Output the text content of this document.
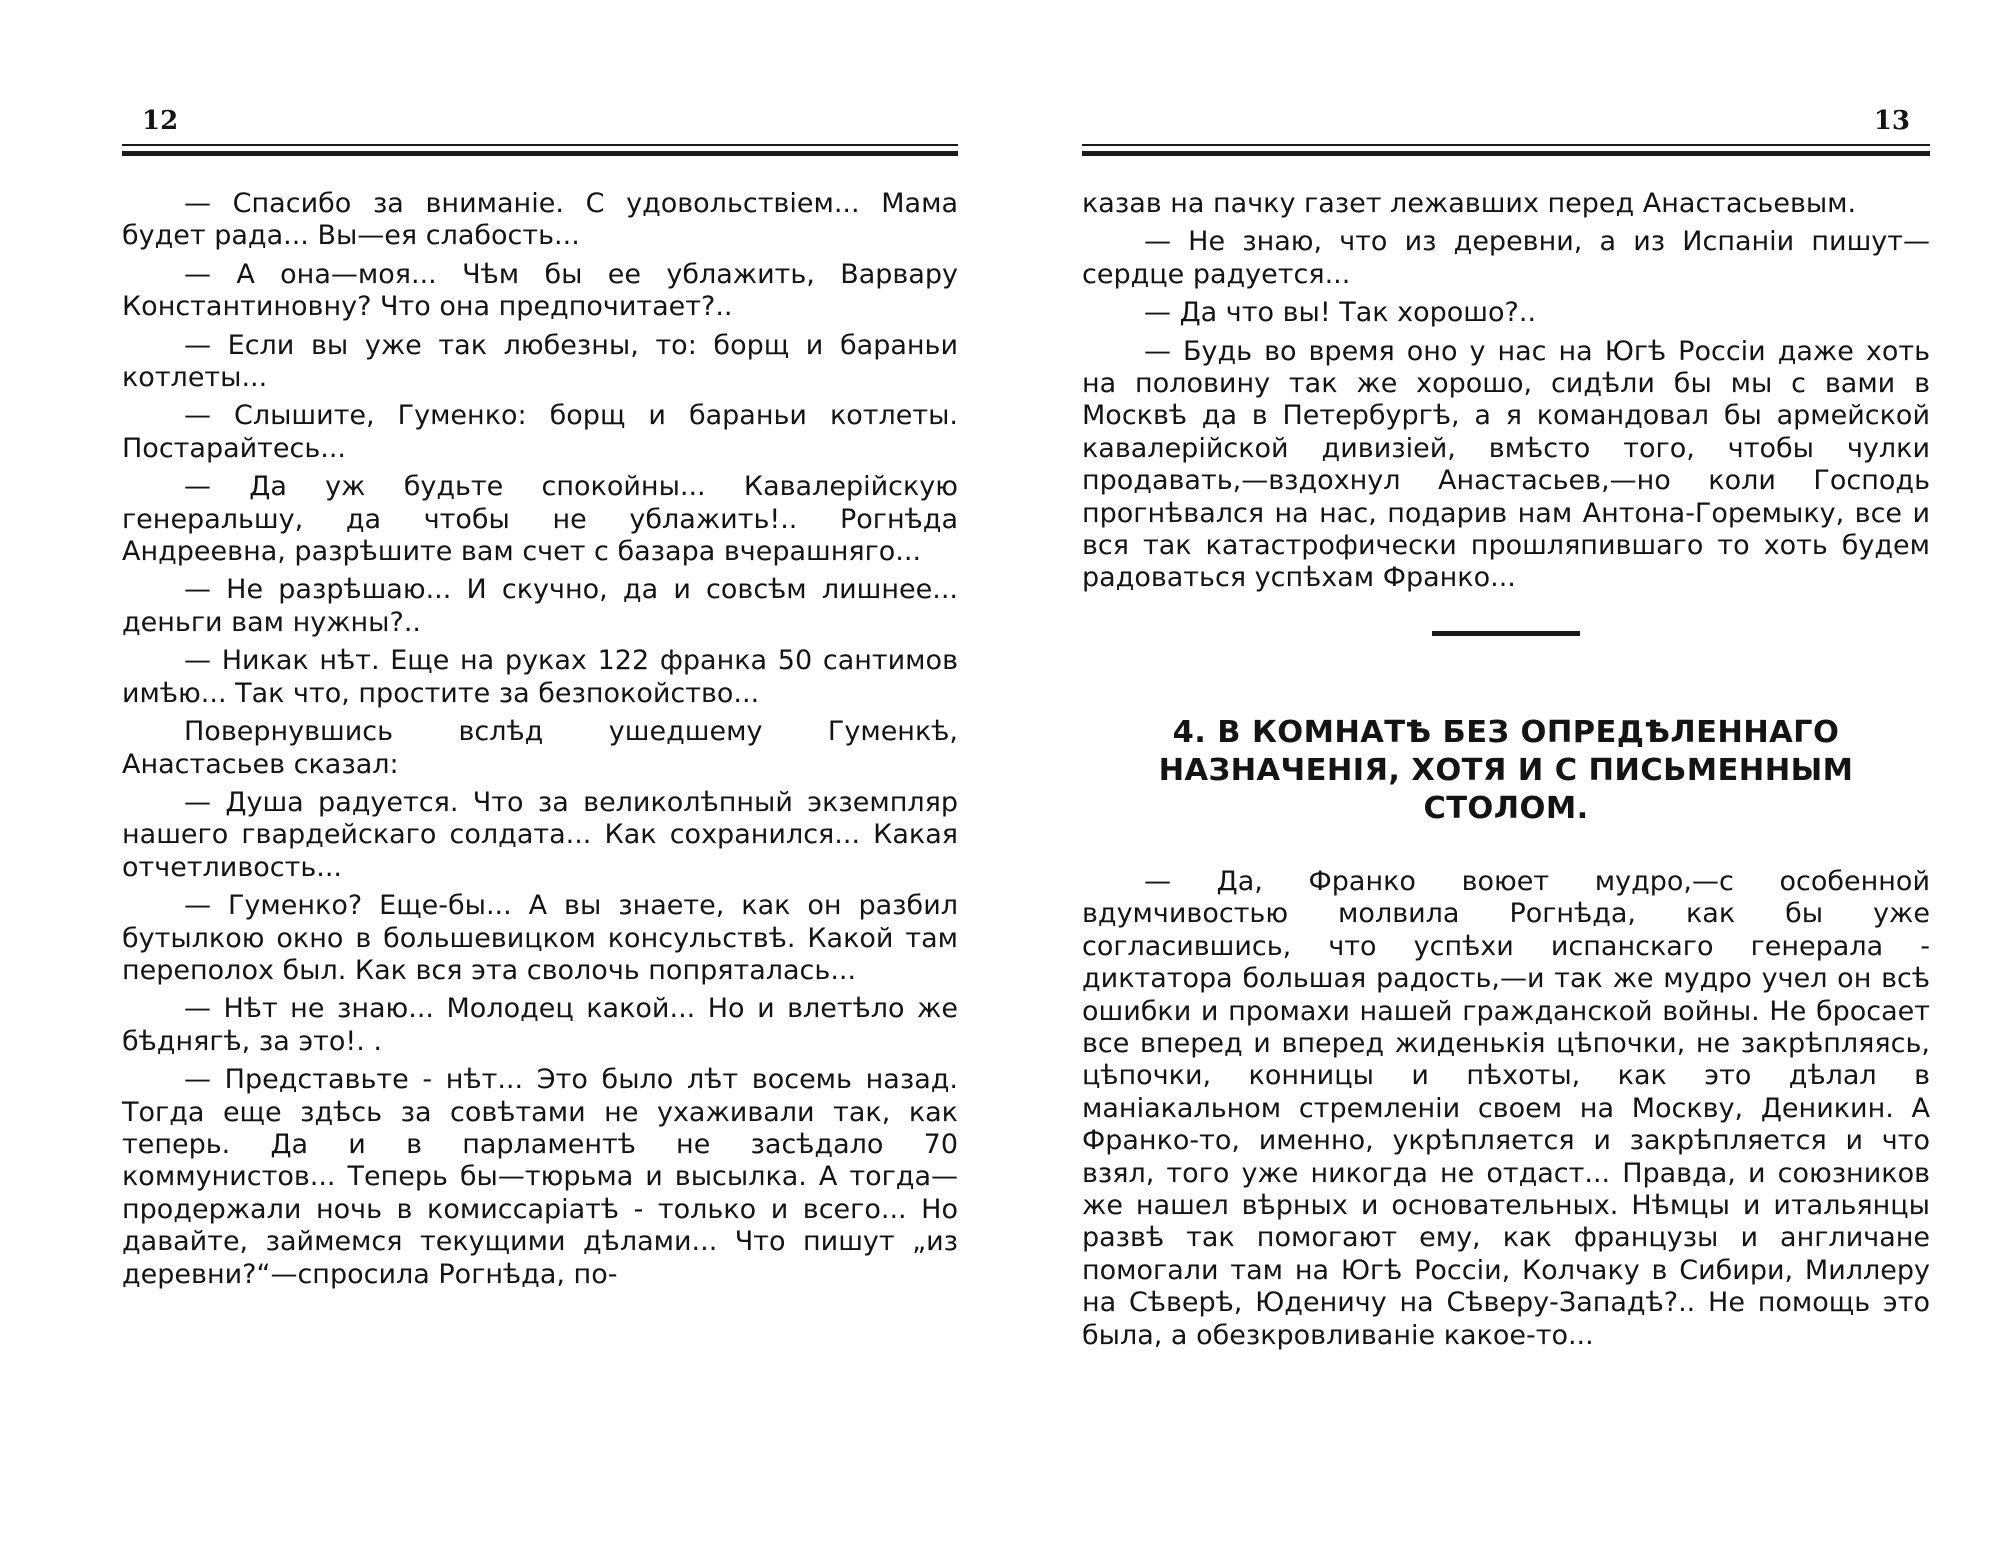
12

— Спасибо за вниманіе. С удовольствіем... Мама будет рада... Вы—ея слабость...

— А она—моя... Чѣм бы ее ублажить, Варвару Константиновну? Что она предпочитает?..

— Если вы уже так любезны, то: борщ и бараньи котлеты...

— Слышите, Гуменко: борщ и бараньи котлеты. Постарайтесь...

— Да уж будьте спокойны... Кавалерійскую генеральшу, да чтобы не ублажить!.. Рогнѣда Андреевна, разрѣшите вам счет с базара вчерашняго...

— Не разрѣшаю... И скучно, да и совсѣм лишнее... деньги вам нужны?..

— Никак нѣт. Еще на руках 122 франка 50 сантимов имѣю... Так что, простите за безпокойство...

Повернувшись вслѣд ушедшему Гуменкѣ, Анастасьев сказал:

— Душа радуется. Что за великолѣпный экземпляр нашего гвардейскаго солдата... Как сохранился... Какая отчетливость...

— Гуменко? Еще-бы... А вы знаете, как он разбил бутылкою окно в большевицком консульствѣ. Какой там переполох был. Как вся эта сволочь попряталась...

— Нѣт не знаю... Молодец какой... Но и влетѣло же бѣднягѣ, за это!. .

— Представьте - нѣт... Это было лѣт восемь назад. Тогда еще здѣсь за совѣтами не ухаживали так, как теперь. Да и в парламентѣ не засѣдало 70 коммунистов... Теперь бы—тюрьма и высылка. А тогда—продержали ночь в комиссаріатѣ - только и всего... Но давайте, займемся текущими дѣлами... Что пишут „из деревни?“—спросила Рогнѣда, по-

13

казав на пачку газет лежавших перед Анастасьевым.

— Не знаю, что из деревни, а из Испаніи пишут—сердце радуется...

— Да что вы! Так хорошо?..

— Будь во время оно у нас на Югѣ Россіи даже хоть на половину так же хорошо, сидѣли бы мы с вами в Москвѣ да в Петербургѣ, а я командовал бы армейской кавалерійской дивизіей, вмѣсто того, чтобы чулки продавать,—вздохнул Анастасьев,—но коли Господь прогнѣвался на нас, подарив нам Антона-Горемыку, все и вся так катастрофически прошляпившаго то хоть будем радоваться успѣхам Франко...

4. В КОМНАТѢ БЕЗ ОПРЕДѢЛЕННАГО НАЗНАЧЕНІЯ, ХОТЯ И С ПИСЬМЕННЫМ СТОЛОМ.

— Да, Франко воюет мудро,—с особенной вдумчивостью молвила Рогнѣда, как бы уже согласившись, что успѣхи испанскаго генерала - диктатора большая радость,—и так же мудро учел он всѣ ошибки и промахи нашей гражданской войны. Не бросает все вперед и вперед жиденькія цѣпочки, не закрѣпляясь, цѣпочки, конницы и пѣхоты, как это дѣлал в маніакальном стремленіи своем на Москву, Деникин. А Франко-то, именно, укрѣпляется и закрѣпляется и что взял, того уже никогда не отдаст... Правда, и союзников же нашел вѣрных и основательных. Нѣмцы и итальянцы развѣ так помогают ему, как французы и англичане помогали там на Югѣ Россіи, Колчаку в Сибири, Миллеру на Сѣверѣ, Юденичу на Сѣверу-Западѣ?.. Не помощь это была, а обезкровливаніе какое-то...
